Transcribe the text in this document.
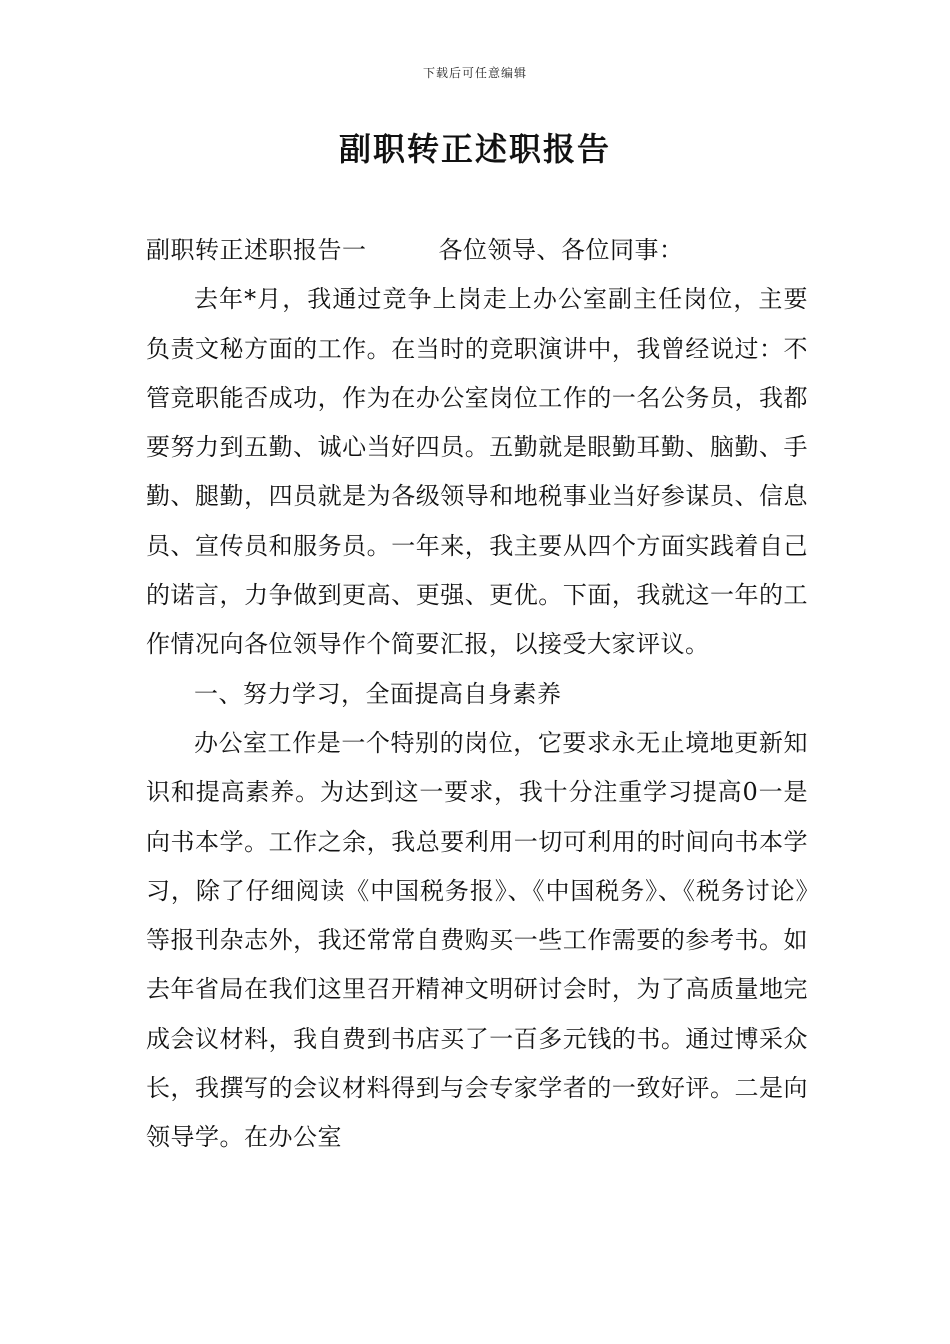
下载后可任意编辑
副职转正述职报告

副职转正述职报告一	各位领导、各位同事：

去年*月，我通过竞争上岗走上办公室副主任岗位，主要负责文秘方面的工作。在当时的竞职演讲中，我曾经说过：不管竞职能否成功，作为在办公室岗位工作的一名公务员，我都要努力到五勤、诚心当好四员。五勤就是眼勤耳勤、脑勤、手勤、腿勤，四员就是为各级领导和地税事业当好参谋员、信息员、宣传员和服务员。一年来，我主要从四个方面实践着自己的诺言，力争做到更高、更强、更优。下面，我就这一年的工作情况向各位领导作个简要汇报，以接受大家评议。

一、努力学习，全面提高自身素养

办公室工作是一个特别的岗位，它要求永无止境地更新知识和提高素养。为达到这一要求，我十分注重学习提高0一是向书本学。工作之余，我总要利用一切可利用的时间向书本学习，除了仔细阅读《中国税务报》、《中国税务》、《税务讨论》等报刊杂志外，我还常常自费购买一些工作需要的参考书。如去年省局在我们这里召开精神文明研讨会时，为了高质量地完成会议材料，我自费到书店买了一百多元钱的书。通过博采众长，我撰写的会议材料得到与会专家学者的一致好评。二是向领导学。在办公室
